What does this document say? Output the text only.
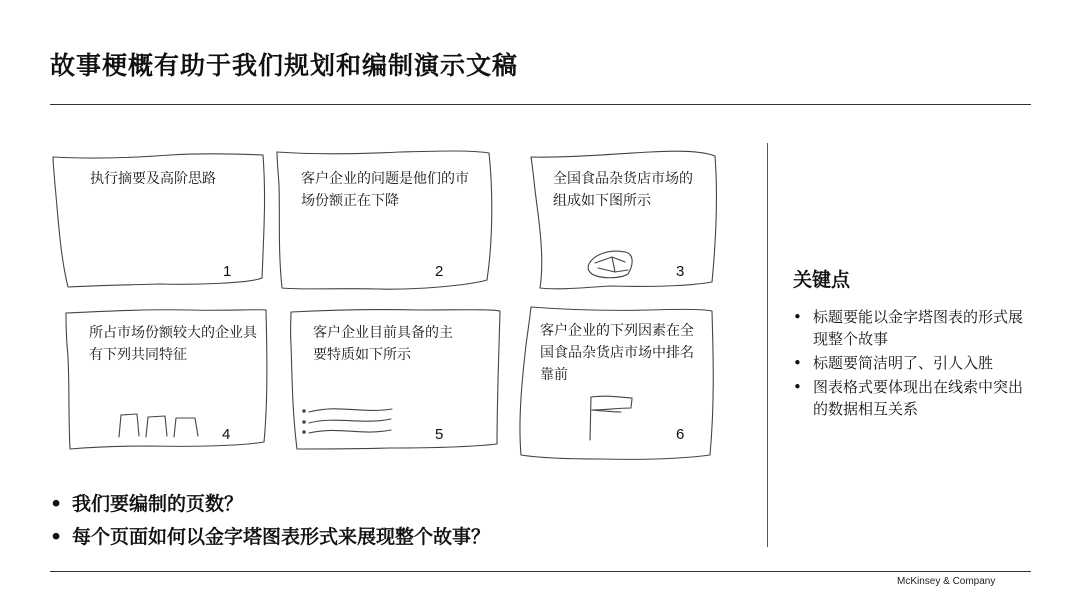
故事梗概有助于我们规划和编制演示文稿
执行摘要及高阶思路
1
客户企业的问题是他们的市场份额正在下降
2
全国食品杂货店市场的组成如下图所示
3
所占市场份额较大的企业具有下列共同特征
4
客户企业目前具备的主要特质如下所示
5
客户企业的下列因素在全国食品杂货店市场中排名靠前
6
关键点
• 标题要能以金字塔图表的形式展现整个故事
• 标题要简洁明了、引人入胜
• 图表格式要体现出在线索中突出的数据相互关系
• 我们要编制的页数？
• 每个页面如何以金字塔图表形式来展现整个故事？
McKinsey & Company
